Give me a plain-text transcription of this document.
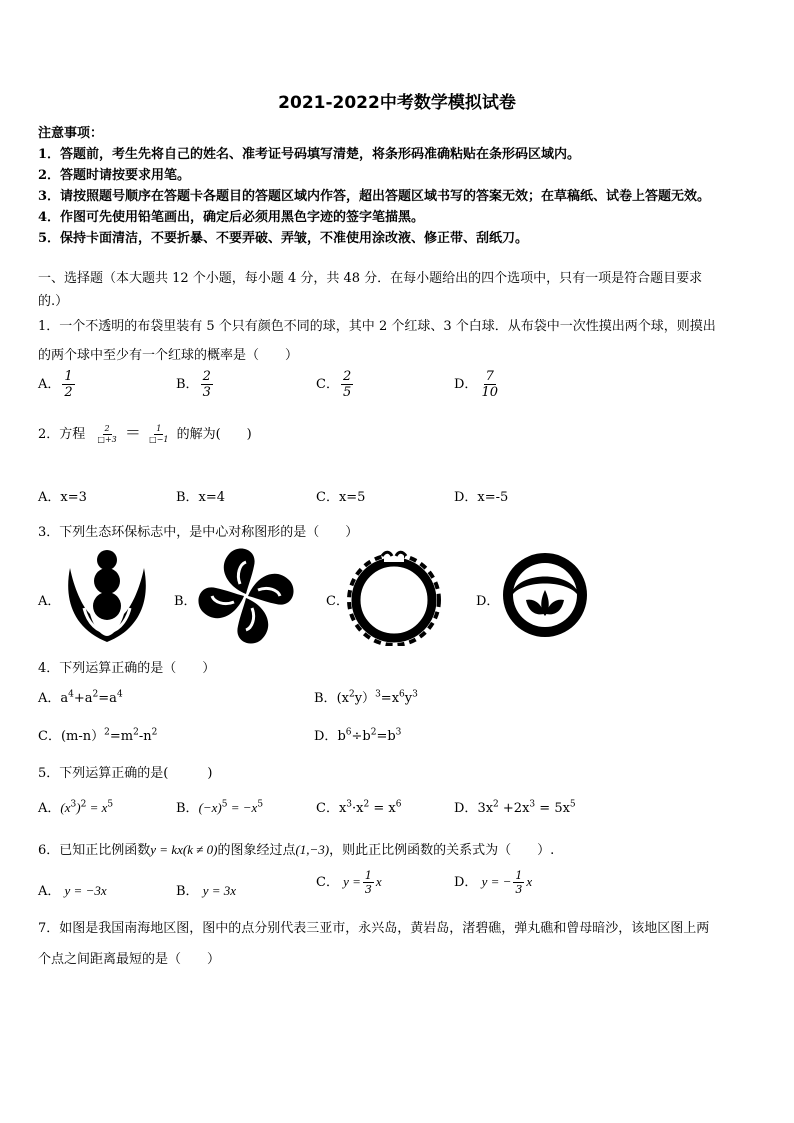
2021-2022中考数学模拟试卷
注意事项：
1．答题前，考生先将自己的姓名、准考证号码填写清楚，将条形码准确粘贴在条形码区域内。
2．答题时请按要求用笔。
3．请按照题号顺序在答题卡各题目的答题区域内作答，超出答题区域书写的答案无效；在草稿纸、试卷上答题无效。
4．作图可先使用铅笔画出，确定后必须用黑色字迹的签字笔描黑。
5．保持卡面清洁，不要折暴、不要弄破、弄皱，不准使用涂改液、修正带、刮纸刀。
一、选择题（本大题共 12 个小题，每小题 4 分，共 48 分．在每小题给出的四个选项中，只有一项是符合题目要求
的.）
1．一个不透明的布袋里装有 5 个只有颜色不同的球，其中 2 个红球、3 个白球．从布袋中一次性摸出两个球，则摸出
的两个球中至少有一个红球的概率是（　　）
A． $\frac{1}{2}$	B． $\frac{2}{3}$	C． $\frac{2}{5}$	D． $\frac{7}{10}$
2．方程 $\frac{2}{□+3} = \frac{1}{□-1}$ 的解为(　　)
A．x=3	B．x=4	C．x=5	D．x=-5
3．下列生态环保标志中，是中心对称图形的是（　　）
A．	B．	C．	D．
4．下列运算正确的是（　　）
A．$a^4+a^2=a^4$	B．$(x^2y)^3=x^6y^3$
C．$(m-n)^2=m^2-n^2$	D．$b^6\div b^2=b^3$
5．下列运算正确的是(　　　)
A．$(x^3)^2 = x^5$	B．$(-x)^5 = -x^5$	C．$x^3\cdot x^2 = x^6$	D．$3x^2 +2x^3 = 5x^5$
6．已知正比例函数y = kx(k ≠ 0)的图象经过点(1,−3)，则此正比例函数的关系式为（　　）.
A． y = −3x	B． y = 3x
C． $y = \frac{1}{3}$ x	D． y = − $\frac{1}{3}$ x
7．如图是我国南海地区图，图中的点分别代表三亚市，永兴岛，黄岩岛，渚碧礁，弹丸礁和曾母暗沙，该地区图上两
个点之间距离最短的是（　　）
